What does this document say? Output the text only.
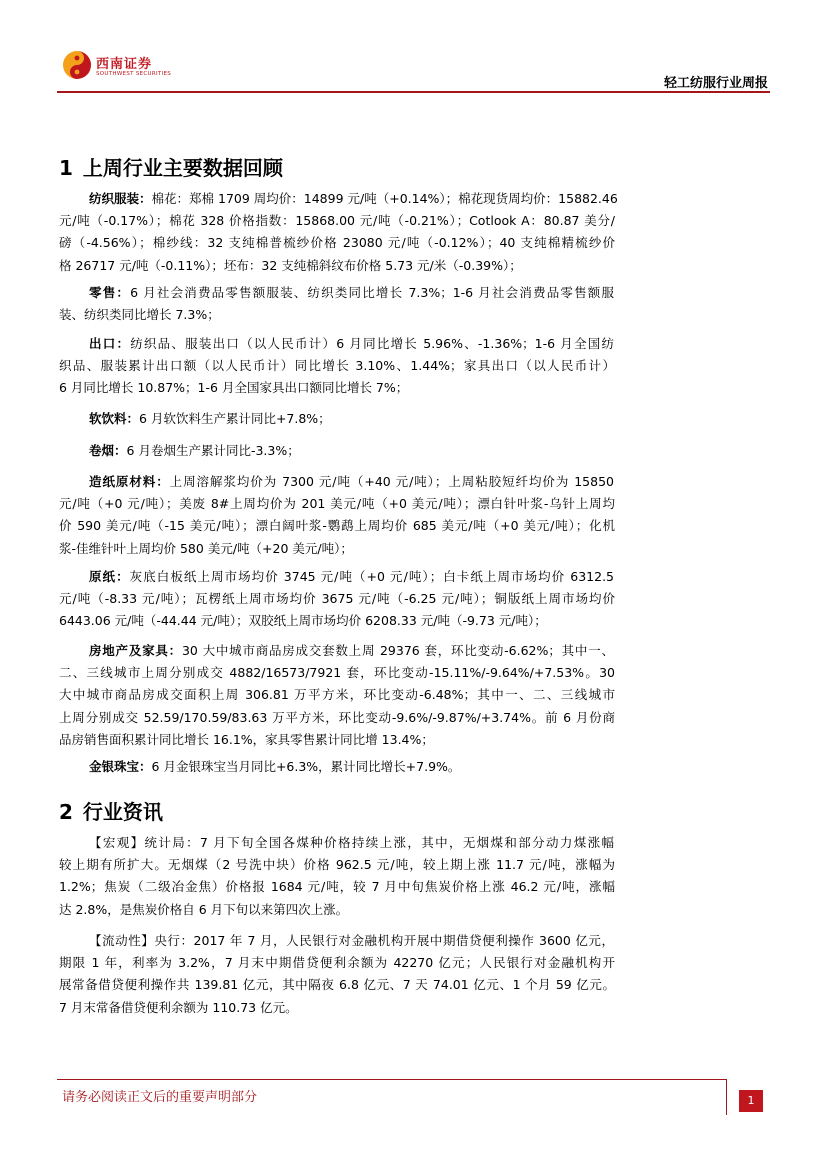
西南证券
SOUTHWEST SECURITIES
轻工纺服行业周报
1 上周行业主要数据回顾
纺织服装：棉花：郑棉 1709 周均价：14899 元/吨（+0.14%）；棉花现货周均价：15882.46
元/吨（-0.17%）；棉花 328 价格指数：15868.00 元/吨（-0.21%）；Cotlook A：80.87 美分/
磅（-4.56%）；棉纱线：32 支纯棉普梳纱价格 23080 元/吨（-0.12%）；40 支纯棉精梳纱价
格 26717 元/吨（-0.11%）；坯布：32 支纯棉斜纹布价格 5.73 元/米（-0.39%）；
零售：6 月社会消费品零售额服装、纺织类同比增长 7.3%；1-6 月社会消费品零售额服
装、纺织类同比增长 7.3%；
出口：纺织品、服装出口（以人民币计）6 月同比增长 5.96%、-1.36%；1-6 月全国纺
织品、服装累计出口额（以人民币计）同比增长 3.10%、1.44%；家具出口（以人民币计）
6 月同比增长 10.87%；1-6 月全国家具出口额同比增长 7%；
软饮料：6 月软饮料生产累计同比+7.8%；
卷烟：6 月卷烟生产累计同比-3.3%；
造纸原材料：上周溶解浆均价为 7300 元/吨（+40 元/吨）；上周粘胶短纤均价为 15850
元/吨（+0 元/吨）；美废 8#上周均价为 201 美元/吨（+0 美元/吨）；漂白针叶浆-乌针上周均
价 590 美元/吨（-15 美元/吨）；漂白阔叶浆-鹦鹉上周均价 685 美元/吨（+0 美元/吨）；化机
浆-佳维针叶上周均价 580 美元/吨（+20 美元/吨）；
原纸：灰底白板纸上周市场均价 3745 元/吨（+0 元/吨）；白卡纸上周市场均价 6312.5
元/吨（-8.33 元/吨）；瓦楞纸上周市场均价 3675 元/吨（-6.25 元/吨）；铜版纸上周市场均价
6443.06 元/吨（-44.44 元/吨）；双胶纸上周市场均价 6208.33 元/吨（-9.73 元/吨）；
房地产及家具：30 大中城市商品房成交套数上周 29376 套，环比变动-6.62%；其中一、
二、三线城市上周分别成交 4882/16573/7921 套，环比变动-15.11%/-9.64%/+7.53%。30
大中城市商品房成交面积上周 306.81 万平方米，环比变动-6.48%；其中一、二、三线城市
上周分别成交 52.59/170.59/83.63 万平方米，环比变动-9.6%/-9.87%/+3.74%。前 6 月份商
品房销售面积累计同比增长 16.1%，家具零售累计同比增 13.4%；
金银珠宝：6 月金银珠宝当月同比+6.3%，累计同比增长+7.9%。
2 行业资讯
【宏观】统计局：7 月下旬全国各煤种价格持续上涨，其中，无烟煤和部分动力煤涨幅
较上期有所扩大。无烟煤（2 号洗中块）价格 962.5 元/吨，较上期上涨 11.7 元/吨，涨幅为
1.2%；焦炭（二级冶金焦）价格报 1684 元/吨，较 7 月中旬焦炭价格上涨 46.2 元/吨，涨幅
达 2.8%，是焦炭价格自 6 月下旬以来第四次上涨。
【流动性】央行：2017 年 7 月，人民银行对金融机构开展中期借贷便利操作 3600 亿元，
期限 1 年，利率为 3.2%，7 月末中期借贷便利余额为 42270 亿元；人民银行对金融机构开
展常备借贷便利操作共 139.81 亿元，其中隔夜 6.8 亿元、7 天 74.01 亿元、1 个月 59 亿元。
7 月末常备借贷便利余额为 110.73 亿元。
请务必阅读正文后的重要声明部分	1
